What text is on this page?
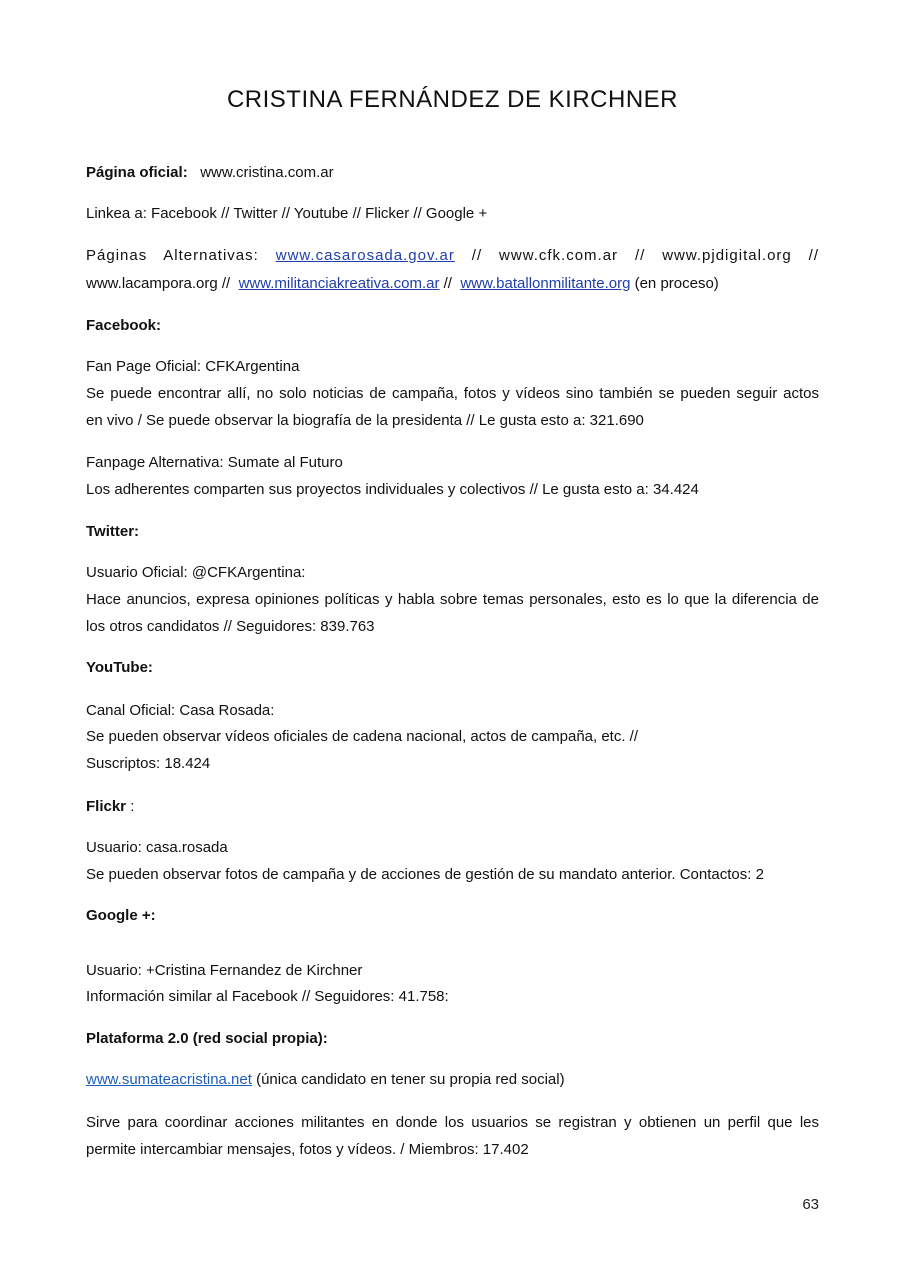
CRISTINA FERNÁNDEZ DE KIRCHNER
Página oficial: www.cristina.com.ar
Linkea a: Facebook // Twitter // Youtube // Flicker // Google +
Páginas Alternativas: www.casarosada.gov.ar // www.cfk.com.ar // www.pjdigital.org //
www.lacampora.org // www.militanciakreativa.com.ar // www.batallonmilitante.org (en proceso)
Facebook:
Fan Page Oficial: CFKArgentina
Se puede encontrar allí, no solo noticias de campaña, fotos y vídeos sino también se pueden seguir actos
en vivo / Se puede observar la biografía de la presidenta // Le gusta esto a: 321.690
Fanpage Alternativa: Sumate al Futuro
Los adherentes comparten sus proyectos individuales y colectivos // Le gusta esto a: 34.424
Twitter:
Usuario Oficial: @CFKArgentina:
Hace anuncios, expresa opiniones políticas y habla sobre temas personales, esto es lo que la diferencia de
los otros candidatos // Seguidores: 839.763
YouTube:
Canal Oficial: Casa Rosada:
Se pueden observar vídeos oficiales de cadena nacional, actos de campaña, etc. //
Suscriptos: 18.424
Flickr :
Usuario: casa.rosada
Se pueden observar fotos de campaña y de acciones de gestión de su mandato anterior. Contactos: 2
Google +:
Usuario: +Cristina Fernandez de Kirchner
Información similar al Facebook // Seguidores: 41.758:
Plataforma 2.0 (red social propia):
www.sumateacristina.net (única candidato en tener su propia red social)
Sirve para coordinar acciones militantes en donde los usuarios se registran y obtienen un perfil que les
permite intercambiar mensajes, fotos y vídeos. / Miembros: 17.402
63
